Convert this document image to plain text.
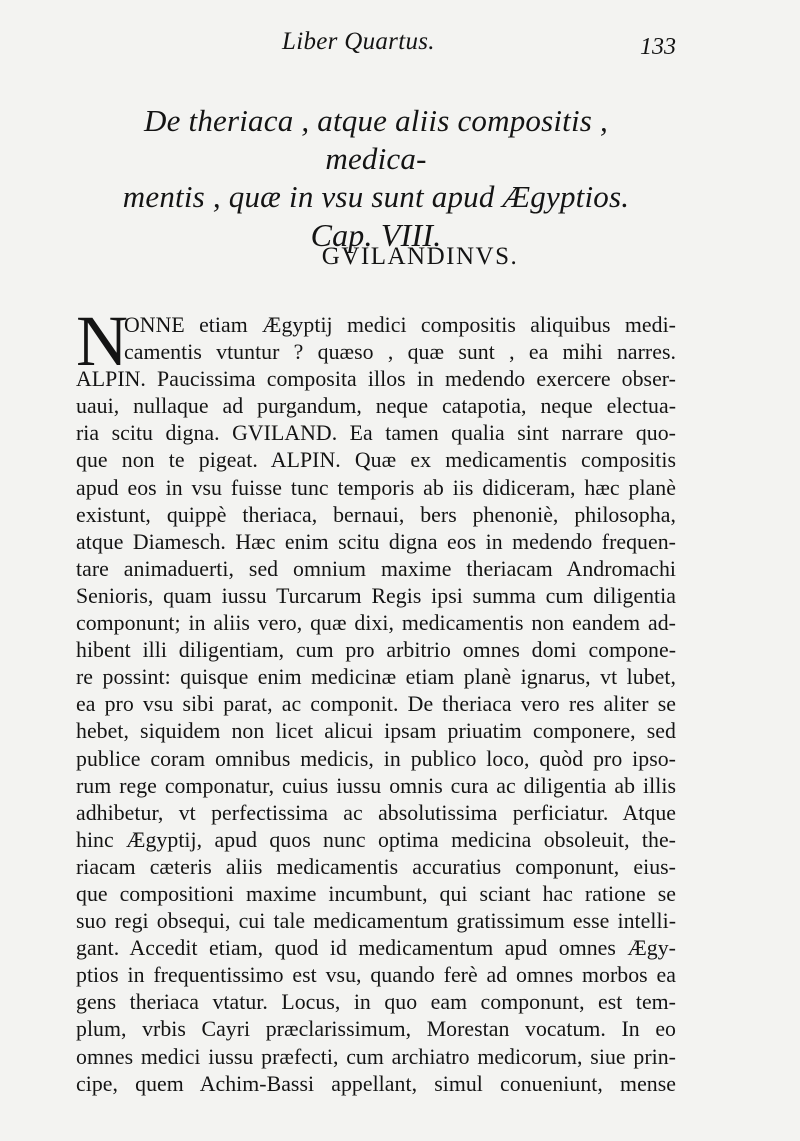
Liber Quartus.	133
De theriaca , atque aliis compositis , medica-
mentis , quæ in vsu sunt apud Ægyptios.
Cap. VIII.
GVILANDINVS.
N
ONNE etiam Ægyptij medici compositis aliquibus medi-
camentis vtuntur ? quæso , quæ sunt , ea mihi narres.
ALPIN. Paucissima composita illos in medendo exercere obser-
uaui, nullaque ad purgandum, neque catapotia, neque electua-
ria scitu digna. GVILAND. Ea tamen qualia sint narrare quo-
que non te pigeat. ALPIN. Quæ ex medicamentis compositis
apud eos in vsu fuisse tunc temporis ab iis didiceram, hæc planè
existunt, quippè theriaca, bernaui, bers phenoniè, philosopha,
atque Diamesch. Hæc enim scitu digna eos in medendo frequen-
tare animaduerti, sed omnium maxime theriacam Andromachi
Senioris, quam iussu Turcarum Regis ipsi summa cum diligentia
componunt; in aliis vero, quæ dixi, medicamentis non eandem ad-
hibent illi diligentiam, cum pro arbitrio omnes domi compone-
re possint: quisque enim medicinæ etiam planè ignarus, vt lubet,
ea pro vsu sibi parat, ac componit. De theriaca vero res aliter se
hebet, siquidem non licet alicui ipsam priuatim componere, sed
publice coram omnibus medicis, in publico loco, quòd pro ipso-
rum rege componatur, cuius iussu omnis cura ac diligentia ab illis
adhibetur, vt perfectissima ac absolutissima perficiatur. Atque
hinc Ægyptij, apud quos nunc optima medicina obsoleuit, the-
riacam cæteris aliis medicamentis accuratius componunt, eius-
que compositioni maxime incumbunt, qui sciant hac ratione se
suo regi obsequi, cui tale medicamentum gratissimum esse intelli-
gant. Accedit etiam, quod id medicamentum apud omnes Ægy-
ptios in frequentissimo est vsu, quando ferè ad omnes morbos ea
gens theriaca vtatur. Locus, in quo eam componunt, est tem-
plum, vrbis Cayri præclarissimum, Morestan vocatum. In eo
omnes medici iussu præfecti, cum archiatro medicorum, siue prin-
cipe, quem Achim-Bassi appellant, simul conueniunt, mense
